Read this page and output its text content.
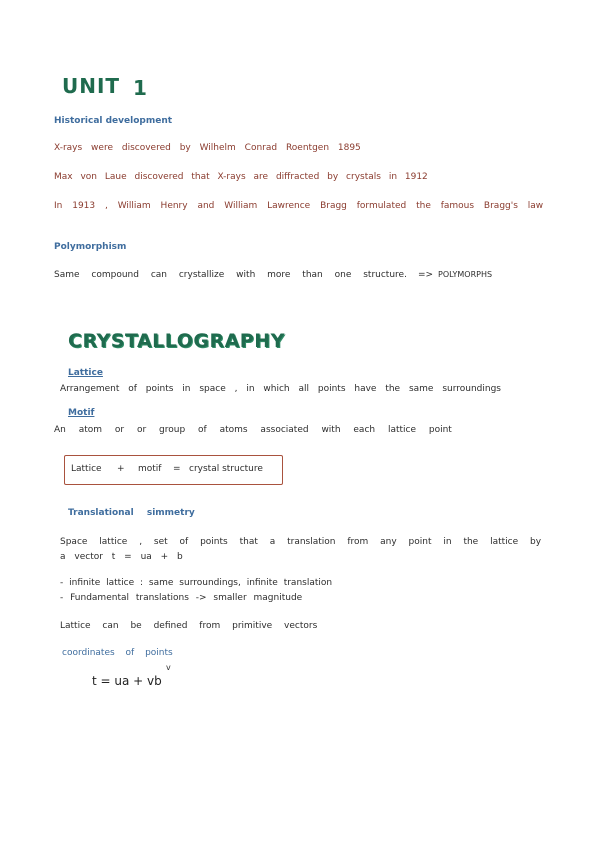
UNIT 1
Historical development
X-rays were discovered by Wilhelm Conrad Roentgen 1895
Max von Laue discovered that X-rays are diffracted by crystals in 1912
In 1913 , William Henry and William Lawrence Bragg formulated the famous Bragg's law
Polymorphism
Same compound can crystallize with more than one structure. => POLYMORPHS
CRYSTALLOGRAPHY
Lattice
Arrangement of points in space , in which all points have the same surroundings
Motif
An atom or or group of atoms associated with each lattice point
Lattice + motif = crystal structure
Translational simmetry
Space lattice , set of points that a translation from any point in the lattice by
a vector t = ua + b
- infinite lattice : same surroundings, infinite translation
- Fundamental translations -> smaller magnitude
Lattice can be defined from primitive vectors
coordinates of points
v
t = ua + vb
